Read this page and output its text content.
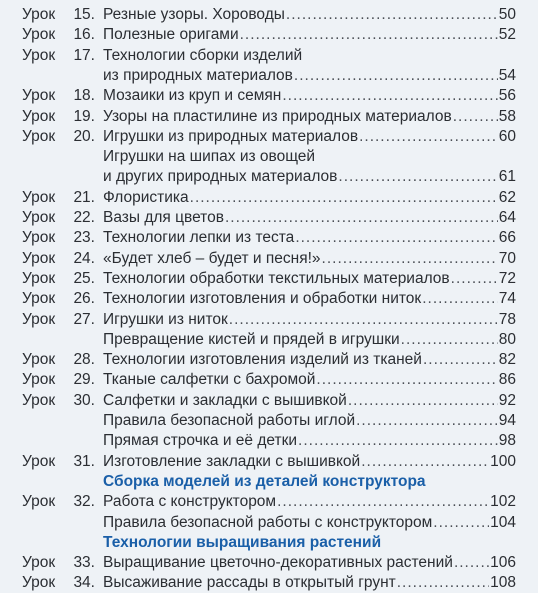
Урок	15. Резные узоры. Хороводы .....	50
Урок	16. Полезные оригами .....	52
Урок	17. Технологии сборки изделий
из природных материалов .....	54
Урок	18. Мозаики из круп и семян .....	56
Урок	19. Узоры на пластилине из природных материалов .....	58
Урок	20. Игрушки из природных материалов .....	60
Игрушки на шипах из овощей
и других природных материалов .....	61
Урок	21. Флористика .....	62
Урок	22. Вазы для цветов .....	64
Урок	23. Технологии лепки из теста .....	66
Урок	24. «Будет хлеб – будет и песня!» .....	70
Урок	25. Технологии обработки текстильных материалов .....	72
Урок	26. Технологии изготовления и обработки ниток .....	74
Урок	27. Игрушки из ниток .....	78
Превращение кистей и прядей в игрушки .....	80
Урок	28. Технологии изготовления изделий из тканей .....	82
Урок	29. Тканые салфетки с бахромой .....	86
Урок	30. Салфетки и закладки с вышивкой .....	92
Правила безопасной работы иглой .....	94
Прямая строчка и её детки .....	98
Урок	31. Изготовление закладки с вышивкой .....	100
Сборка моделей из деталей конструктора
Урок	32. Работа с конструктором .....	102
Правила безопасной работы с конструктором .....	104
Технологии выращивания растений
Урок	33. Выращивание цветочно-декоративных растений ..... 106
Урок	34. Высаживание рассады в открытый грунт .....	108
